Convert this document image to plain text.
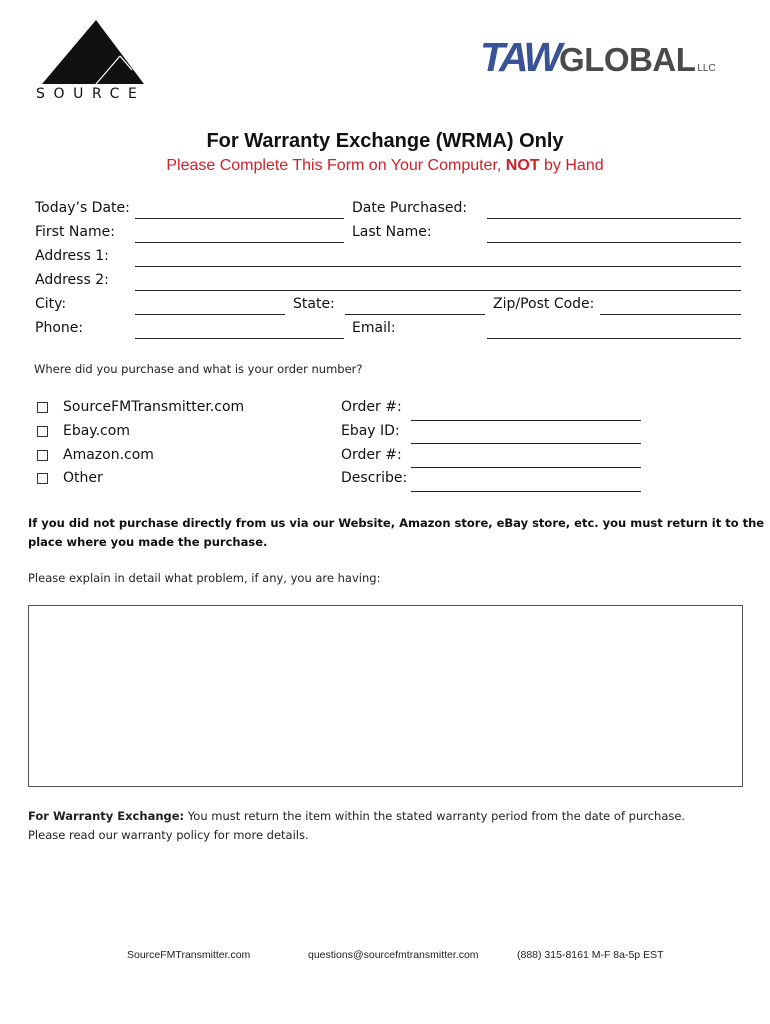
SOURCE
TAWGLOBAL LLC
For Warranty Exchange (WRMA) Only
Please Complete This Form on Your Computer, NOT by Hand
Today’s Date:	Date Purchased:
First Name:	Last Name:
Address 1:
Address 2:
City:	State:	Zip/Post Code:
Phone:	Email:
Where did you purchase and what is your order number?
SourceFMTransmitter.com	Order #:
Ebay.com	Ebay ID:
Amazon.com	Order #:
Other	Describe:
If you did not purchase directly from us via our Website, Amazon store, eBay store, etc. you must return it to the
place where you made the purchase.
Please explain in detail what problem, if any, you are having:
For Warranty Exchange: You must return the item within the stated warranty period from the date of purchase.
Please read our warranty policy for more details.
SourceFMTransmitter.com	questions@sourcefmtransmitter.com	(888) 315-8161 M-F 8a-5p EST
